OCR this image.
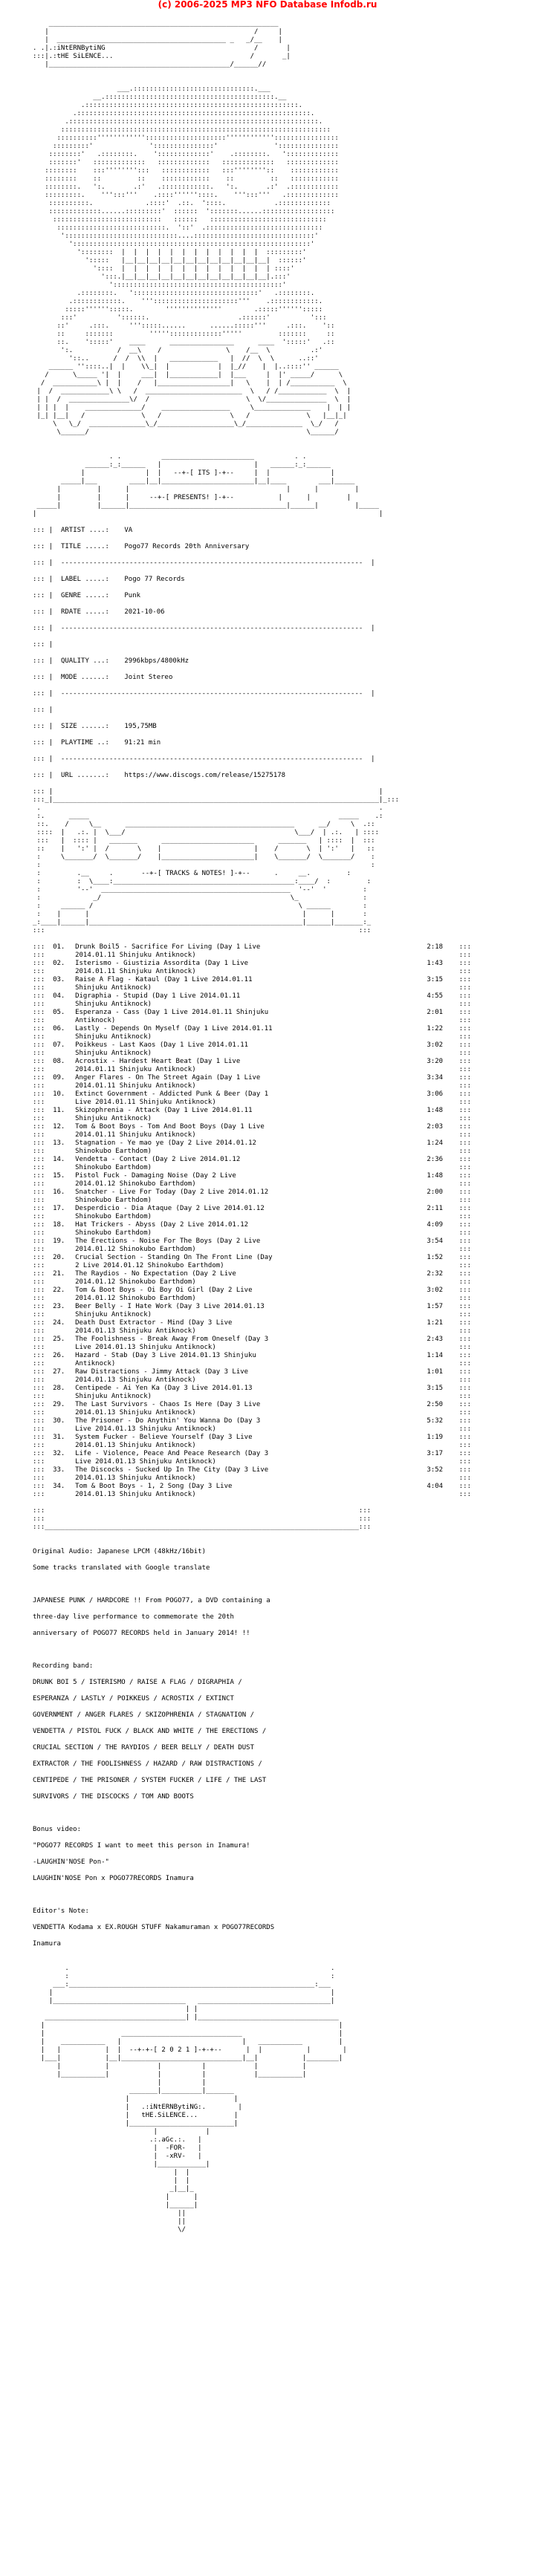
(c) 2006-2025 MP3 NFO Database Infodb.ru

_________________________________________________________
|                                                   /     |
|  __________________________________________ _   _/__    |
. .|.:iNtERNBytiNG	/       |
:::|.:tHE SiLENCE...	/       _|
|_____________________________________________/______//

___.::::::::::::::::::::::::::::::.___
__.::::::::::::::::::::::::::::::::::::::::::.__
.:::::::::::::::::::::::::::::::::::::::::::::::::::::.
.::::::::::::::::::::::::::::::::::::::::::::::::::::::::::.
.::::::::::::::::::::::::::::::::::::::::::::::::::::::::::::::.
:::::::::::::::::::::::::::::::::::::::::::::::::::::::::::::::::::
::::::::::''''''''''''::::::::::::::::::::''''''''''''::::::::::::::::
:::::::::'              ':::::::::::::::'              ':::::::::::::::
::::::::'   .::::::::.    ':::::::::::::'    .::::::::.   ':::::::::::::
:::::::'   :::::::::::::   :::::::::::::   :::::::::::::   :::::::::::::
::::::::    :::'''''''':::   ::::::::::::   :::''''''''::    ::::::::::::
::::::::    ::         ::    ::::::::::::    ::         ::   ::::::::::::
::::::::.   ':.       .:'   .::::::::::::.   ':.       .:'  .::::::::::::
:::::::::.    ''':::'''    .::::''''''::::.    ''':::'''   .:::::::::::::
::::::::::.             .::::'  .::.  '::::.            .:::::::::::::
:::::::::::::......:::::::::'  ::::::  ':::::::......::::::::::::::::::
:::::::::::::::::::::::::::   ::::::   :::::::::::::::::::::::::::::
:::::::::::::::::::::::::::.  '::'  .:::::::::::::::::::::::::::::
'::::::::::::::::::::::::::::....::::::::::::::::::::::::::::::'
':::::::::::::::::::::::::::::::::::::::::::::::::::::::::::'
'::::::::  |  |  |  |  |  |  |  |  |  |  |  |  :::::::::'
':::::   |__|__|__|__|__|__|__|__|__|__|__|__|  ::::::'
'::::  |  |  |  |  |  |  |  |  |  |  |  |  | ::::'
':::.|__|__|__|__|__|__|__|__|__|__|__|__|.:::'
'::::::::::::::::::::::::::::::::::::::::::'
.::::::::.   ':::::::::::::::::::::::::::::::'   .::::::::.
.::::::::::::.    ''':::::::::::::::::::::'''    .::::::::::::.
:::::'''''':::::.        ''''''''''''''        .:::::'''''':::::
:::'          '::::::.                      .::::::'          ':::
::'     .:::.     ''':::::......      ......:::::'''     .:::.    '::
::     :::::::         ''''':::::::::::::'''''         :::::::     ::
::.    ':::::'    ____      ________________      ____  ':::::'   .::
':.           /  __\    /                \    /__  \          .:'
'::..      /  /  \\  |   ____________   |  //  \  \      ..::'
______ ''::::..|  |    \\_|  |            |  |_//    |  |..::::'' ______
/      \_____ '|  |     ___|  |____________|  |___     |  |' _____/      \
/  ___________\ |  |    /   |__________________|   \    |  | /___________  \
|  /  ____________\ \   /  ________________________  \   / /____________  \  |
| |  /  _______________\/  /                        \  \/_______________  \  |
| | |  |    ______________/    _________________     \______________    |  | |
|_| |__|   /              \   /                 \   /              \   |__|_|
\   \_/  ______________\_/___________________\_/______________  \_/   /
\______/                                                      \______/

. .          _______________________          . .
______:_:______   |                       |   ______:_:______
|               |  |   --+-[ ITS ]-+--     |  |               |
_____|___        ____|__|_______________________|__|____        ___|_____
|         |      |                                       |      |         |
|         |      |     --+-[ PRESENTS! ]-+--           |      |         |
_____|         |______|_______________________________________|______|         |_____
|                                                                                     |

::: |  ARTIST ....: VA

::: |  TITLE .....: Pogo77 Records 20th Anniversary

::: |  ---------------------------------------------------------------------------  |

::: |  LABEL .....: Pogo 77 Records

::: |  GENRE .....: Punk

::: |  RDATE .....: 2021-10-06

::: |  ---------------------------------------------------------------------------  |

::: |

::: |  QUALITY ...: 2996kbps/4800kHz

::: |  MODE ......: Joint Stereo

::: |  ---------------------------------------------------------------------------  |

::: |

::: |  SIZE ......: 195,75MB

::: |  PLAYTIME ..: 91:21 min

::: |  ---------------------------------------------------------------------------  |

::: |  URL .......: https://www.discogs.com/release/15275178

::: |                                                                                 |
:::_|_________________________________________________________________________________|_:::
.                                                                                    .
:.      _____                                                              _____    .:
::.    /     \__      __________________________________________      __/     \  .::
::::  |   .:. |  \___/                                          \___/  | .:.   | ::::
:::   |  :::: |   _______      _______________________      _______   | ::::  |  :::
::    |   ':' |  /       \    |                       |    /       \  | ':'   |   ::
:     \_______/  \_______/    |_______________________|    \_______/  \_______/    :
:                                                                                  :
:         .__     .       --+-[ TRACKS & NOTES! ]-+--      .     __.         :
:         :  \____:_____________________________________________:____/  :         :
:         '--'  _______________________________________________  '--'  '         :
:             _/                                               \_                :
:     ______ /                                                   \ ______        :
:    |      |                                                     |      |       :
_:____|______|_____________________________________________________|______|_______:_
:::                                                                              :::

:::  01. Drunk Boil5 - Sacrifice For Living (Day 1 Live	2:18    :::
:::	2014.01.11 Shinjuku Antiknock)	:::
:::  02. Isterismo - Giustizia Assordita (Day 1 Live	1:43    :::
:::	2014.01.11 Shinjuku Antiknock)	:::
:::  03. Raise A Flag - Kataul (Day 1 Live 2014.01.11	3:15    :::
:::	Shinjuku Antiknock)	:::
:::  04. Digraphia - Stupid (Day 1 Live 2014.01.11	4:55    :::
:::	Shinjuku Antiknock)	:::
:::  05. Esperanza - Cass (Day 1 Live 2014.01.11 Shinjuku	2:01    :::
:::	Antiknock)	:::
:::  06. Lastly - Depends On Myself (Day 1 Live 2014.01.11	1:22    :::
:::	Shinjuku Antiknock)	:::
:::  07. Poikkeus - Last Kaos (Day 1 Live 2014.01.11	3:02    :::
:::	Shinjuku Antiknock)	:::
:::  08. Acrostix - Hardest Heart Beat (Day 1 Live	3:20    :::
:::	2014.01.11 Shinjuku Antiknock)	:::
:::  09. Anger Flares - On The Street Again (Day 1 Live	3:34    :::
:::	2014.01.11 Shinjuku Antiknock)	:::
:::  10. Extinct Government - Addicted Punk & Beer (Day 1	3:06    :::
:::	Live 2014.01.11 Shinjuku Antiknock)	:::
:::  11. Skizophrenia - Attack (Day 1 Live 2014.01.11	1:48    :::
:::	Shinjuku Antiknock)	:::
:::  12. Tom & Boot Boys - Tom And Boot Boys (Day 1 Live	2:03    :::
:::	2014.01.11 Shinjuku Antiknock)	:::
:::  13. Stagnation - Ye mao ye (Day 2 Live 2014.01.12	1:24    :::
:::	Shinokubo Earthdom)	:::
:::  14. Vendetta - Contact (Day 2 Live 2014.01.12	2:36    :::
:::	Shinokubo Earthdom)	:::
:::  15. Pistol Fuck - Damaging Noise (Day 2 Live	1:48    :::
:::	2014.01.12 Shinokubo Earthdom)	:::
:::  16. Snatcher - Live For Today (Day 2 Live 2014.01.12	2:00    :::
:::	Shinokubo Earthdom)	:::
:::  17. Desperdicio - Dia Ataque (Day 2 Live 2014.01.12	2:11    :::
:::	Shinokubo Earthdom)	:::
:::  18. Hat Trickers - Abyss (Day 2 Live 2014.01.12	4:09    :::
:::	Shinokubo Earthdom)	:::
:::  19. The Erections - Noise For The Boys (Day 2 Live	3:54    :::
:::	2014.01.12 Shinokubo Earthdom)	:::
:::  20. Crucial Section - Standing On The Front Line (Day	1:52    :::
:::	2 Live 2014.01.12 Shinokubo Earthdom)	:::
:::  21. The Raydios - No Expectation (Day 2 Live	2:32    :::
:::	2014.01.12 Shinokubo Earthdom)	:::
:::  22. Tom & Boot Boys - Oi Boy Oi Girl (Day 2 Live	3:02    :::
:::	2014.01.12 Shinokubo Earthdom)	:::
:::  23. Beer Belly - I Hate Work (Day 3 Live 2014.01.13	1:57    :::
:::	Shinjuku Antiknock)	:::
:::  24. Death Dust Extractor - Mind (Day 3 Live	1:21    :::
:::	2014.01.13 Shinjuku Antiknock)	:::
:::  25. The Foolishness - Break Away From Oneself (Day 3	2:43    :::
:::	Live 2014.01.13 Shinjuku Antiknock)	:::
:::  26. Hazard - Stab (Day 3 Live 2014.01.13 Shinjuku	1:14    :::
:::	Antiknock)	:::
:::  27. Raw Distractions - Jimmy Attack (Day 3 Live	1:01    :::
:::	2014.01.13 Shinjuku Antiknock)	:::
:::  28. Centipede - Ai Yen Ka (Day 3 Live 2014.01.13	3:15    :::
:::	Shinjuku Antiknock)	:::
:::  29. The Last Survivors - Chaos Is Here (Day 3 Live	2:50    :::
:::	2014.01.13 Shinjuku Antiknock)	:::
:::  30. The Prisoner - Do Anythin' You Wanna Do (Day 3	5:32    :::
:::	Live 2014.01.13 Shinjuku Antiknock)	:::
:::  31. System Fucker - Believe Yourself (Day 3 Live	1:19    :::
:::	2014.01.13 Shinjuku Antiknock)	:::
:::  32. Life - Violence, Peace And Peace Research (Day 3	3:17    :::
:::	Live 2014.01.13 Shinjuku Antiknock)	:::
:::  33. The Discocks - Sucked Up In The City (Day 3 Live	3:52    :::
:::	2014.01.13 Shinjuku Antiknock)	:::
:::  34. Tom & Boot Boys - 1, 2 Song (Day 3 Live	4:04    :::
:::	2014.01.13 Shinjuku Antiknock)	:::

:::                                                                              :::
:::                                                                              :::
:::______________________________________________________________________________:::

Original Audio: Japanese LPCM (48kHz/16bit)

Some tracks translated with Google translate

JAPANESE PUNK / HARDCORE !! From POGO77, a DVD containing a

three-day live performance to commemorate the 20th

anniversary of POGO77 RECORDS held in January 2014! !!

Recording band:

DRUNK BOI 5 / ISTERISMO / RAISE A FLAG / DIGRAPHIA /

ESPERANZA / LASTLY / POIKKEUS / ACROSTIX / EXTINCT

GOVERNMENT / ANGER FLARES / SKIZOPHRENIA / STAGNATION /

VENDETTA / PISTOL FUCK / BLACK AND WHITE / THE ERECTIONS /

CRUCIAL SECTION / THE RAYDIOS / BEER BELLY / DEATH DUST

EXTRACTOR / THE FOOLISHNESS / HAZARD / RAW DISTRACTIONS /

CENTIPEDE / THE PRISONER / SYSTEM FUCKER / LIFE / THE LAST

SURVIVORS / THE DISCOCKS / TOM AND BOOTS

Bonus video:

"POGO77 RECORDS I want to meet this person in Inamura!

-LAUGHIN'NOSE Pon-"

LAUGHIN'NOSE Pon x POGO77RECORDS Inamura

Editor's Note:

VENDETTA Kodama x EX.ROUGH STUFF Nakamuraman x POGO77RECORDS

Inamura

.                                                                 .
:                                                                 :
___:_____________________________________________________________:___
|                                                                     |
|_________________________________   _________________________________|
| |
___________________________________| |___________________________________
|                                                                         |
|                   ______________________________                        |
|    ___________   |                              |   ___________         |
|   |           |  |  --+-+-[ 2 0 2 1 ]-+-+--      |  |           |        |
|___|           |__|______________________________|__|           |________|
|           |            |          |            |           |
|___________|            |          |            |___________|
|          |
_______|__________|_______
|                          |
|   .:iNtERNBytiNG:.        |
|   tHE.SiLENCE...	|
|__________________________|
|            |
.:.aGc.:.   |
|  -FOR-   |
|  -xRV-   |
|____________|
|  |
|  |
_|__|_
|      |
|______|
||
||
\/
